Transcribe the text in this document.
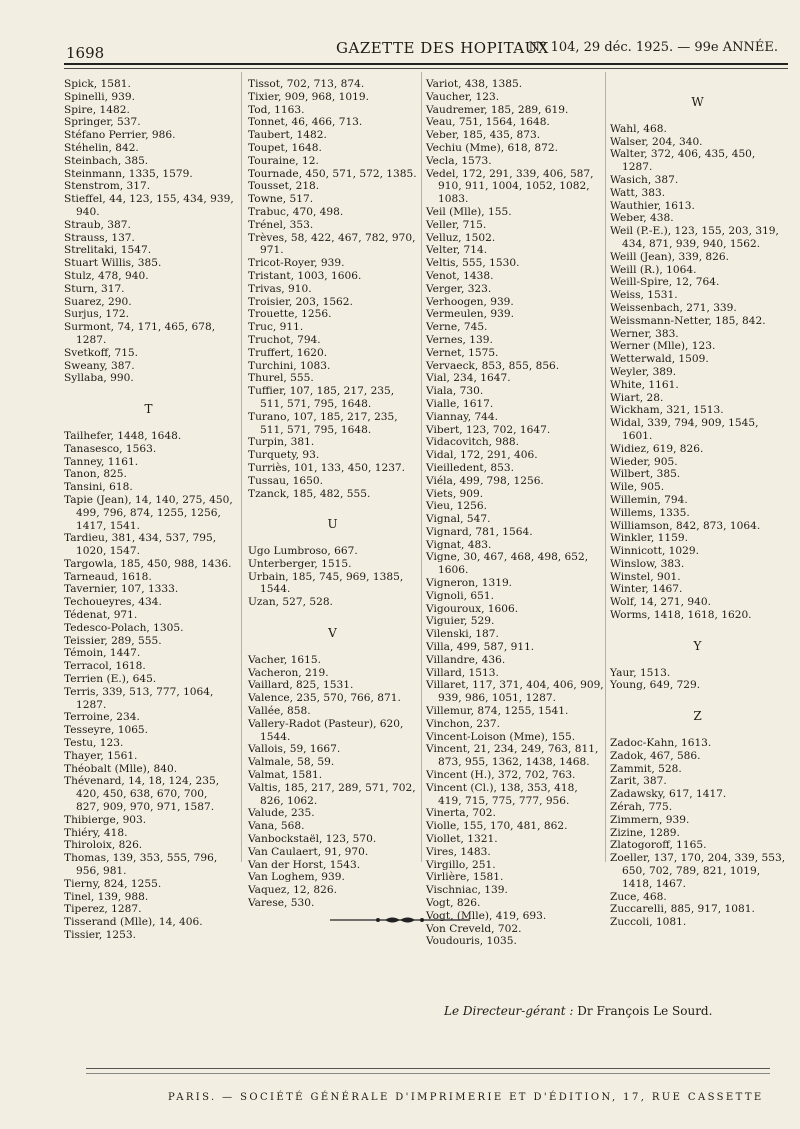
1698	GAZETTE DES HOPITAUX
N° 104, 29 déc. 1925. — 99e ANNÉE.
Spick, 1581.
Spinelli, 939.
Spire, 1482.
Springer, 537.
Stéfano Perrier, 986.
Stéhelin, 842.
Steinbach, 385.
Steinmann, 1335, 1579.
Stenstrom, 317.
Stieffel, 44, 123, 155, 434, 939, 940.
Straub, 387.
Strauss, 137.
Strelitaki, 1547.
Stuart Willis, 385.
Stulz, 478, 940.
Sturn, 317.
Suarez, 290.
Surjus, 172.
Surmont, 74, 171, 465, 678, 1287.
Svetkoff, 715.
Sweany, 387.
Syllaba, 990.
T
Tailhefer, 1448, 1648.
Tanasesco, 1563.
Tanney, 1161.
Tanon, 825.
Tansini, 618.
Tapie (Jean), 14, 140, 275, 450, 499, 796, 874, 1255, 1256, 1417, 1541.
Tardieu, 381, 434, 537, 795, 1020, 1547.
Targowla, 185, 450, 988, 1436.
Tarneaud, 1618.
Tavernier, 107, 1333.
Techoueyres, 434.
Tédenat, 971.
Tedesco-Polach, 1305.
Teissier, 289, 555.
Témoin, 1447.
Terracol, 1618.
Terrien (E.), 645.
Terris, 339, 513, 777, 1064, 1287.
Terroine, 234.
Tesseyre, 1065.
Testu, 123.
Thayer, 1561.
Théobalt (Mlle), 840.
Thévenard, 14, 18, 124, 235, 420, 450, 638, 670, 700, 827, 909, 970, 971, 1587.
Thibierge, 903.
Thiéry, 418.
Thiroloix, 826.
Thomas, 139, 353, 555, 796, 956, 981.
Tierny, 824, 1255.
Tinel, 139, 988.
Tiperez, 1287.
Tisserand (Mlle), 14, 406.
Tissier, 1253.
Tissot, 702, 713, 874.
Tixier, 909, 968, 1019.
Tod, 1163.
Tonnet, 46, 466, 713.
Taubert, 1482.
Toupet, 1648.
Touraine, 12.
Tournade, 450, 571, 572, 1385.
Tousset, 218.
Towne, 517.
Trabuc, 470, 498.
Trénel, 353.
Trèves, 58, 422, 467, 782, 970, 971.
Tricot-Royer, 939.
Tristant, 1003, 1606.
Trivas, 910.
Troisier, 203, 1562.
Trouette, 1256.
Truc, 911.
Truchot, 794.
Truffert, 1620.
Turchini, 1083.
Thurel, 555.
Tuffier, 107, 185, 217, 235, 511, 571, 795, 1648.
Turano, 107, 185, 217, 235, 511, 571, 795, 1648.
Turpin, 381.
Turquety, 93.
Turriès, 101, 133, 450, 1237.
Tussau, 1650.
Tzanck, 185, 482, 555.
U
Ugo Lumbroso, 667.
Unterberger, 1515.
Urbain, 185, 745, 969, 1385, 1544.
Uzan, 527, 528.
V
Vacher, 1615.
Vacheron, 219.
Vaillard, 825, 1531.
Valence, 235, 570, 766, 871.
Vallée, 858.
Vallery-Radot (Pasteur), 620, 1544.
Vallois, 59, 1667.
Valmale, 58, 59.
Valmat, 1581.
Valtis, 185, 217, 289, 571, 702, 826, 1062.
Valude, 235.
Vana, 568.
Vanbockstaël, 123, 570.
Van Caulaert, 91, 970.
Van der Horst, 1543.
Van Loghem, 939.
Vaquez, 12, 826.
Varese, 530.
Variot, 438, 1385.
Vaucher, 123.
Vaudremer, 185, 289, 619.
Veau, 751, 1564, 1648.
Veber, 185, 435, 873.
Vechiu (Mme), 618, 872.
Vecla, 1573.
Vedel, 172, 291, 339, 406, 587, 910, 911, 1004, 1052, 1082, 1083.
Veil (Mlle), 155.
Veller, 715.
Velluz, 1502.
Velter, 714.
Veltis, 555, 1530.
Venot, 1438.
Verger, 323.
Verhoogen, 939.
Vermeulen, 939.
Verne, 745.
Vernes, 139.
Vernet, 1575.
Vervaeck, 853, 855, 856.
Vial, 234, 1647.
Viala, 730.
Vialle, 1617.
Viannay, 744.
Vibert, 123, 702, 1647.
Vidacovitch, 988.
Vidal, 172, 291, 406.
Vieilledent, 853.
Viéla, 499, 798, 1256.
Viets, 909.
Vieu, 1256.
Vignal, 547.
Vignard, 781, 1564.
Vignat, 483.
Vigne, 30, 467, 468, 498, 652, 1606.
Vigneron, 1319.
Vignoli, 651.
Vigouroux, 1606.
Viguier, 529.
Vilenski, 187.
Villa, 499, 587, 911.
Villandre, 436.
Villard, 1513.
Villaret, 117, 371, 404, 406, 909, 939, 986, 1051, 1287.
Villemur, 874, 1255, 1541.
Vinchon, 237.
Vincent-Loison (Mme), 155.
Vincent, 21, 234, 249, 763, 811, 873, 955, 1362, 1438, 1468.
Vincent (H.), 372, 702, 763.
Vincent (Cl.), 138, 353, 418, 419, 715, 775, 777, 956.
Vinerta, 702.
Violle, 155, 170, 481, 862.
Viollet, 1321.
Vires, 1483.
Virgillo, 251.
Virlière, 1581.
Vischniac, 139.
Vogt, 826.
Vogt, (Mlle), 419, 693.
Von Creveld, 702.
Voudouris, 1035.
W
Wahl, 468.
Walser, 204, 340.
Walter, 372, 406, 435, 450, 1287.
Wasich, 387.
Watt, 383.
Wauthier, 1613.
Weber, 438.
Weil (P.-E.), 123, 155, 203, 319, 434, 871, 939, 940, 1562.
Weill (Jean), 339, 826.
Weill (R.), 1064.
Weill-Spire, 12, 764.
Weiss, 1531.
Weissenbach, 271, 339.
Weissmann-Netter, 185, 842.
Werner, 383.
Werner (Mlle), 123.
Wetterwald, 1509.
Weyler, 389.
White, 1161.
Wiart, 28.
Wickham, 321, 1513.
Widal, 339, 794, 909, 1545, 1601.
Widiez, 619, 826.
Wieder, 905.
Wilbert, 385.
Wile, 905.
Willemin, 794.
Willems, 1335.
Williamson, 842, 873, 1064.
Winkler, 1159.
Winnicott, 1029.
Winslow, 383.
Winstel, 901.
Winter, 1467.
Wolf, 14, 271, 940.
Worms, 1418, 1618, 1620.
Y
Yaur, 1513.
Young, 649, 729.
Z
Zadoc-Kahn, 1613.
Zadok, 467, 586.
Zammit, 528.
Zarit, 387.
Zadawsky, 617, 1417.
Zérah, 775.
Zimmern, 939.
Zizine, 1289.
Zlatogoroff, 1165.
Zoeller, 137, 170, 204, 339, 553, 650, 702, 789, 821, 1019, 1418, 1467.
Zuce, 468.
Zuccarelli, 885, 917, 1081.
Zuccoli, 1081.
Le Directeur-gérant : Dr François Le Sourd.
PARIS. — SOCIÉTÉ GÉNÉRALE D'IMPRIMERIE ET D'ÉDITION, 17, RUE CASSETTE
